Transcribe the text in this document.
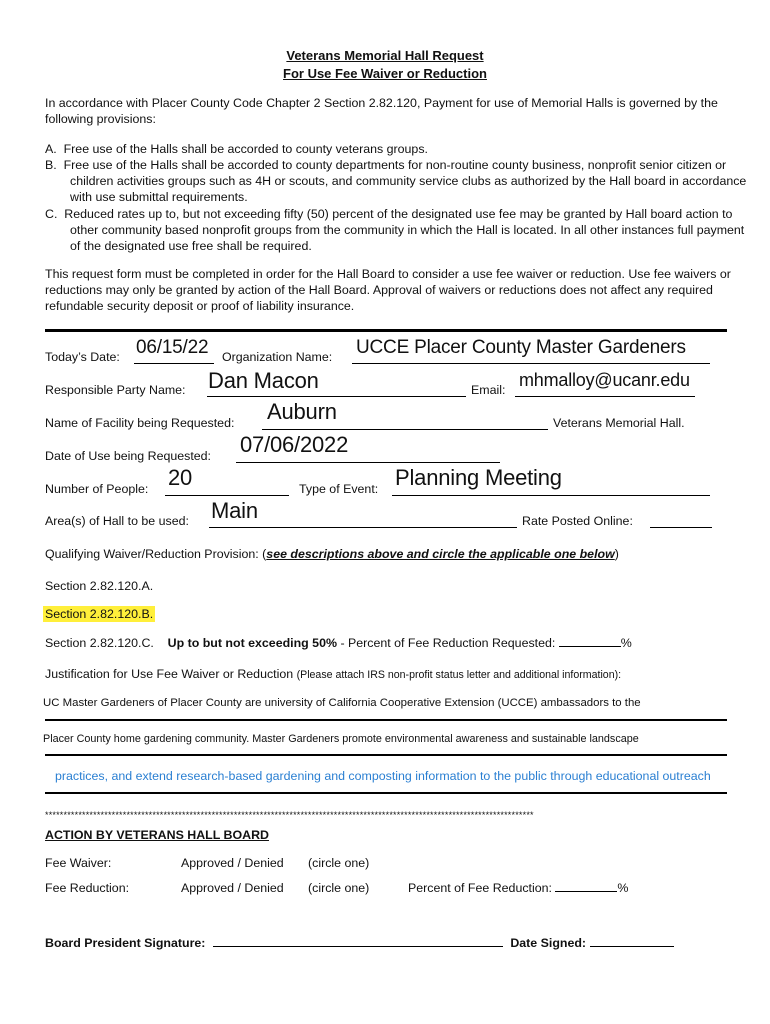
Veterans Memorial Hall Request
For Use Fee Waiver or Reduction
In accordance with Placer County Code Chapter 2 Section 2.82.120, Payment for use of Memorial Halls is governed by the following provisions:
A. Free use of the Halls shall be accorded to county veterans groups.
B. Free use of the Halls shall be accorded to county departments for non-routine county business, nonprofit senior citizen or children activities groups such as 4H or scouts, and community service clubs as authorized by the Hall board in accordance with use submittal requirements.
C. Reduced rates up to, but not exceeding fifty (50) percent of the designated use fee may be granted by Hall board action to other community based nonprofit groups from the community in which the Hall is located. In all other instances full payment of the designated use free shall be required.
This request form must be completed in order for the Hall Board to consider a use fee waiver or reduction. Use fee waivers or reductions may only be granted by action of the Hall Board. Approval of waivers or reductions does not affect any required refundable security deposit or proof of liability insurance.
Today’s Date: 06/15/22 Organization Name: UCCE Placer County Master Gardeners
Responsible Party Name: Dan Macon	Email: mhmalloy@ucanr.edu
Name of Facility being Requested: Auburn	Veterans Memorial Hall.
Date of Use being Requested: 07/06/2022
Number of People: 20	Type of Event: Planning Meeting
Area(s) of Hall to be used: Main	Rate Posted Online:
Qualifying Waiver/Reduction Provision: (see descriptions above and circle the applicable one below)
Section 2.82.120.A.
Section 2.82.120.B.
Section 2.82.120.C. Up to but not exceeding 50% - Percent of Fee Reduction Requested:	%
Justification for Use Fee Waiver or Reduction (Please attach IRS non-profit status letter and additional information):
UC Master Gardeners of Placer County are university of California Cooperative Extension (UCCE) ambassadors to the
Placer County home gardening community. Master Gardeners promote environmental awareness and sustainable landscape
practices, and extend research-based gardening and composting information to the public through educational outreach
************************************************************************************************************************************
ACTION BY VETERANS HALL BOARD
Fee Waiver:	Approved / Denied (circle one)
Fee Reduction:	Approved / Denied (circle one)	Percent of Fee Reduction:	%
Board President Signature:	Date Signed:
